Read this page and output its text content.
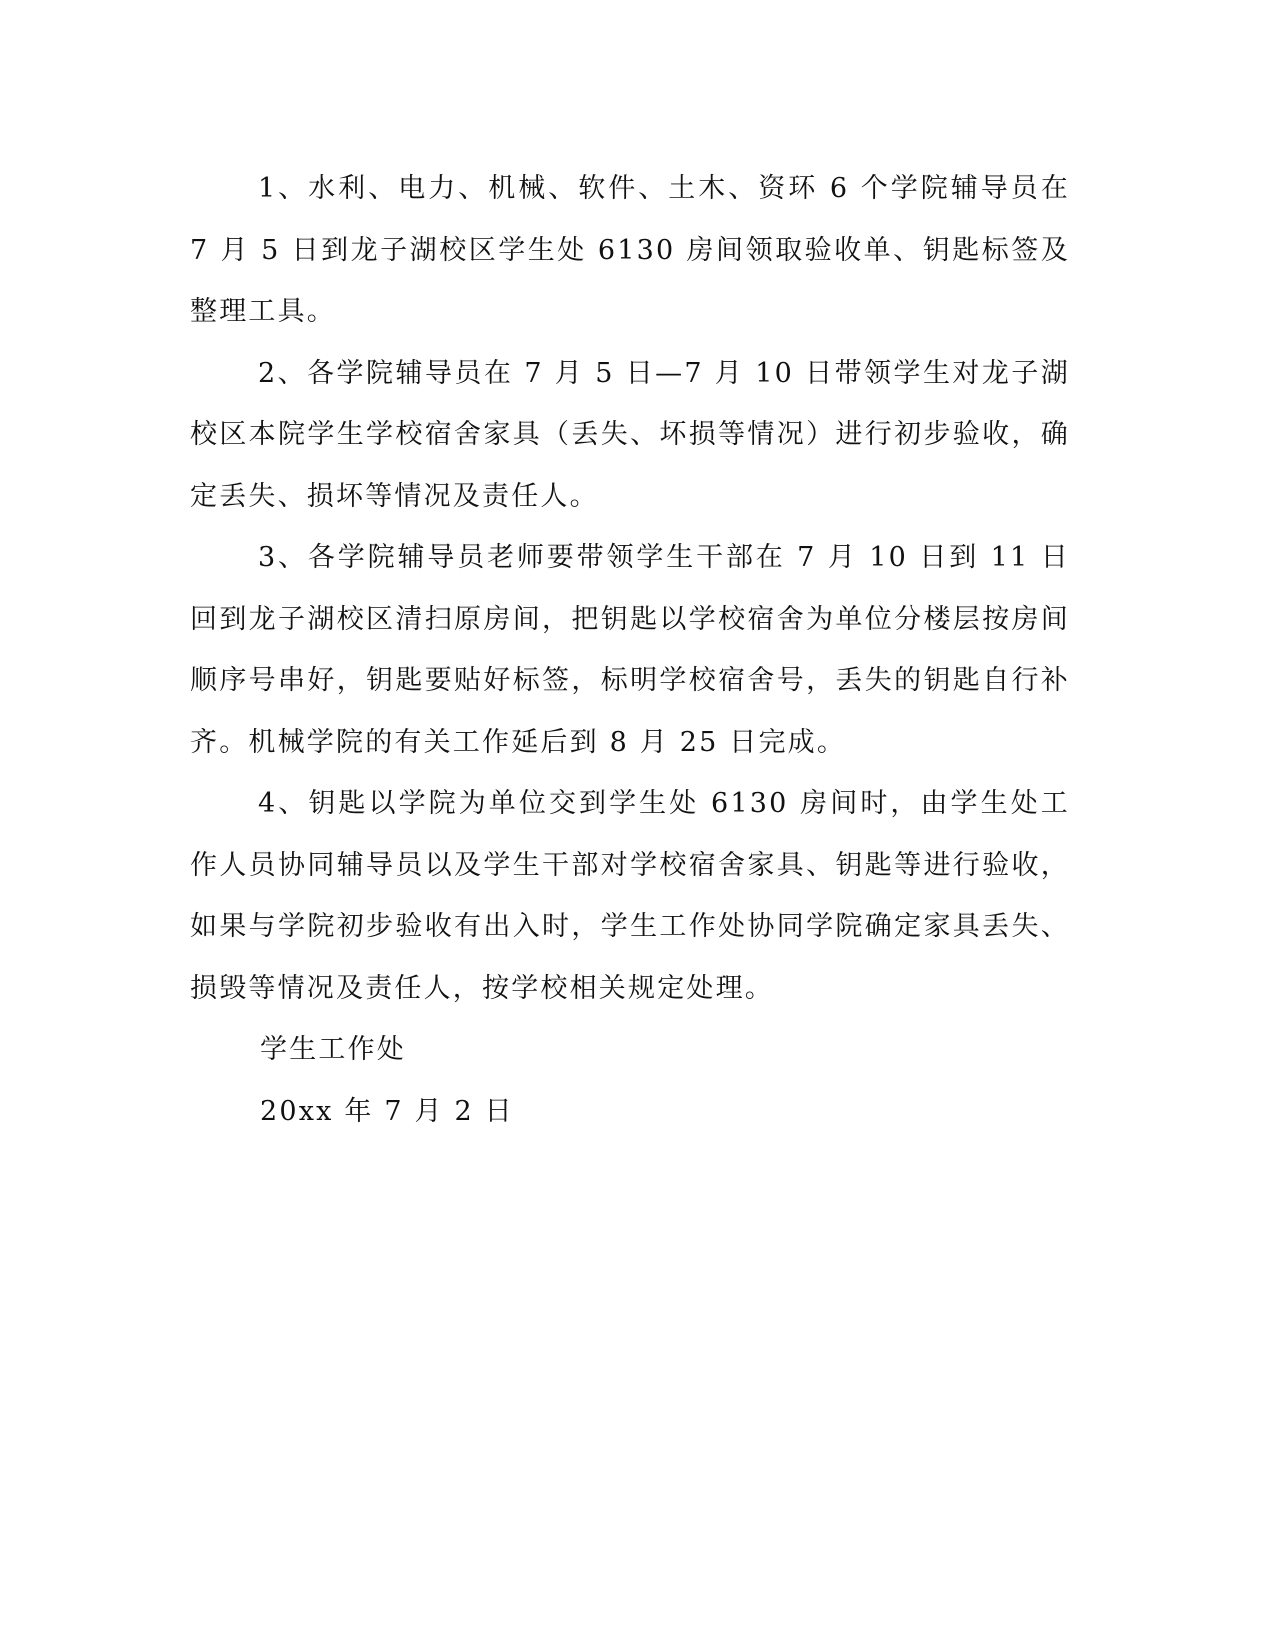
1、水利、电力、机械、软件、土木、资环 6 个学院辅导员在 7 月 5 日到龙子湖校区学生处 6130 房间领取验收单、钥匙标签及整理工具。

2、各学院辅导员在 7 月 5 日—7 月 10 日带领学生对龙子湖校区本院学生学校宿舍家具（丢失、坏损等情况）进行初步验收，确定丢失、损坏等情况及责任人。

3、各学院辅导员老师要带领学生干部在 7 月 10 日到 11 日回到龙子湖校区清扫原房间，把钥匙以学校宿舍为单位分楼层按房间顺序号串好，钥匙要贴好标签，标明学校宿舍号，丢失的钥匙自行补齐。机械学院的有关工作延后到 8 月 25 日完成。

4、钥匙以学院为单位交到学生处 6130 房间时，由学生处工作人员协同辅导员以及学生干部对学校宿舍家具、钥匙等进行验收，如果与学院初步验收有出入时，学生工作处协同学院确定家具丢失、损毁等情况及责任人，按学校相关规定处理。

学生工作处

20xx 年 7 月 2 日
